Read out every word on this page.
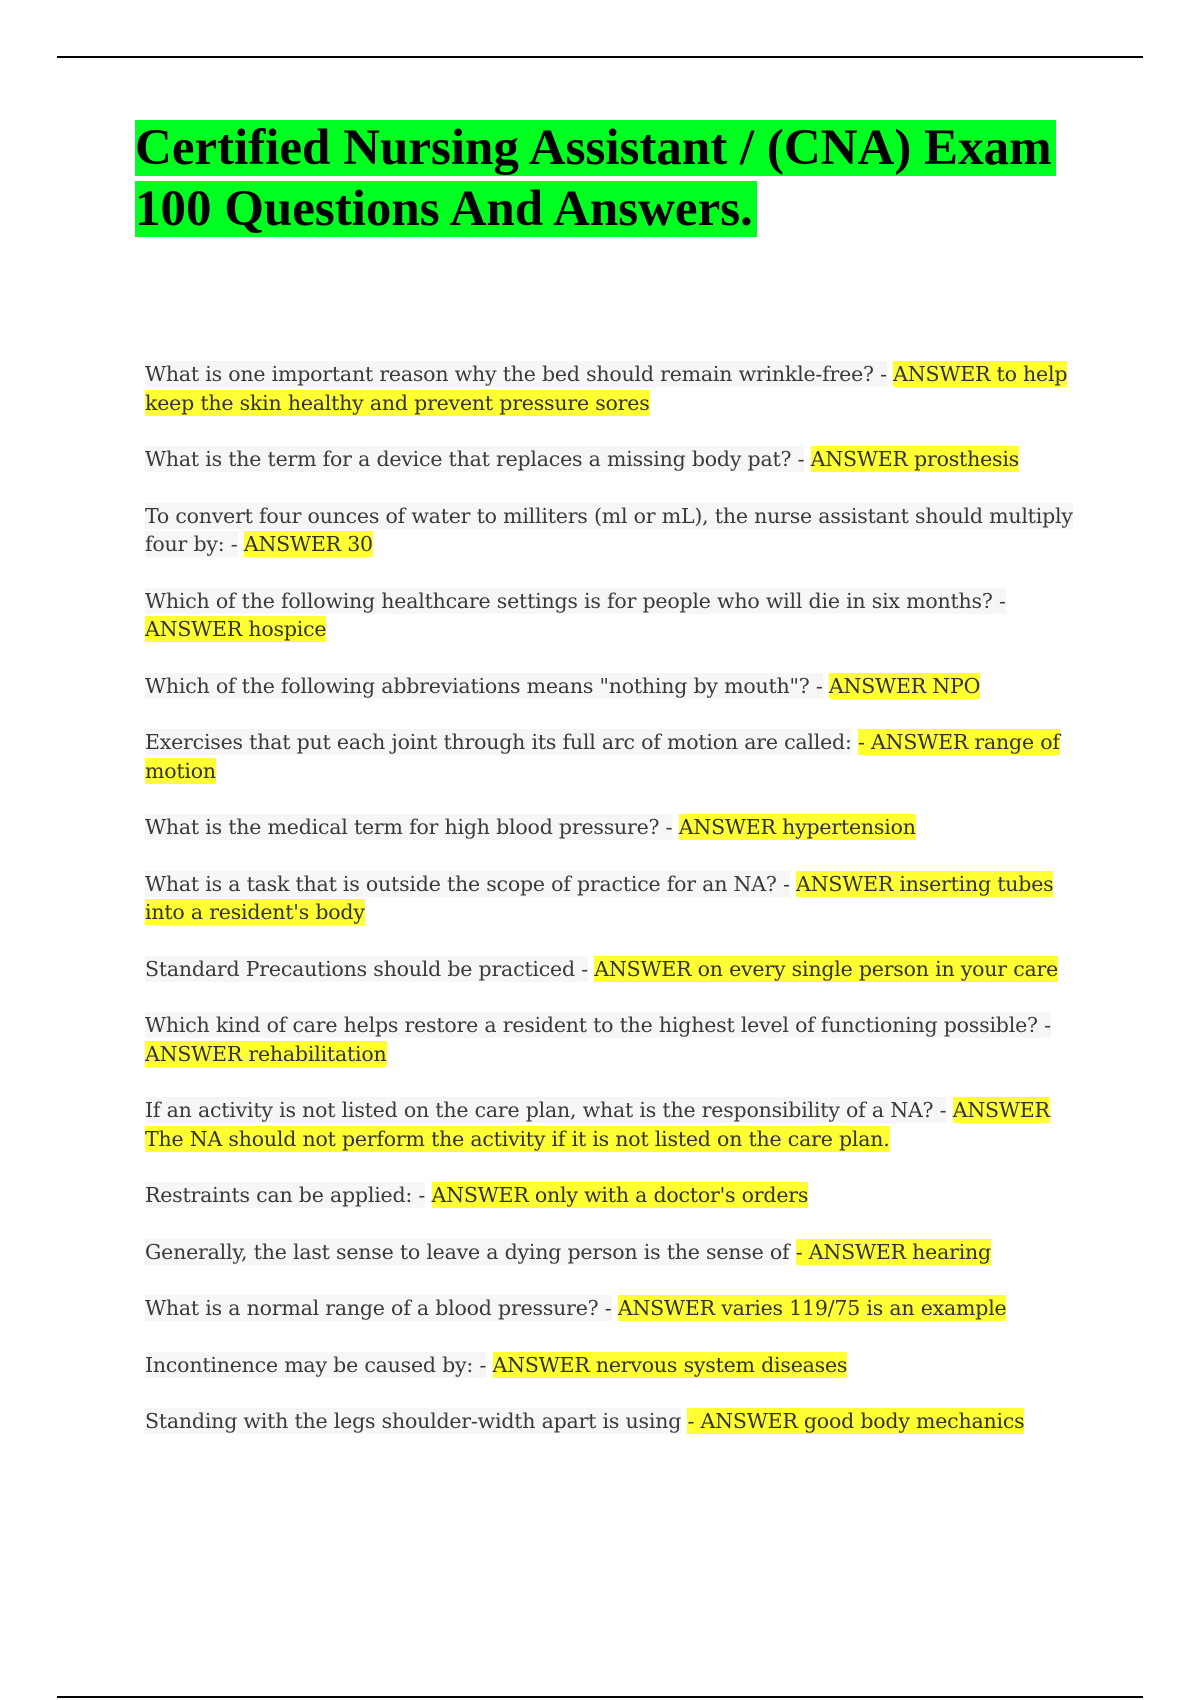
Certified Nursing Assistant / (CNA) Exam 100 Questions And Answers.
What is one important reason why the bed should remain wrinkle-free? - ANSWER to help keep the skin healthy and prevent pressure sores
What is the term for a device that replaces a missing body pat? - ANSWER prosthesis
To convert four ounces of water to milliters (ml or mL), the nurse assistant should multiply four by: - ANSWER 30
Which of the following healthcare settings is for people who will die in six months? - ANSWER hospice
Which of the following abbreviations means "nothing by mouth"? - ANSWER NPO
Exercises that put each joint through its full arc of motion are called: - ANSWER range of motion
What is the medical term for high blood pressure? - ANSWER hypertension
What is a task that is outside the scope of practice for an NA? - ANSWER inserting tubes into a resident's body
Standard Precautions should be practiced - ANSWER on every single person in your care
Which kind of care helps restore a resident to the highest level of functioning possible? - ANSWER rehabilitation
If an activity is not listed on the care plan, what is the responsibility of a NA? - ANSWER The NA should not perform the activity if it is not listed on the care plan.
Restraints can be applied: - ANSWER only with a doctor's orders
Generally, the last sense to leave a dying person is the sense of - ANSWER hearing
What is a normal range of a blood pressure? - ANSWER varies 119/75 is an example
Incontinence may be caused by: - ANSWER nervous system diseases
Standing with the legs shoulder-width apart is using - ANSWER good body mechanics
